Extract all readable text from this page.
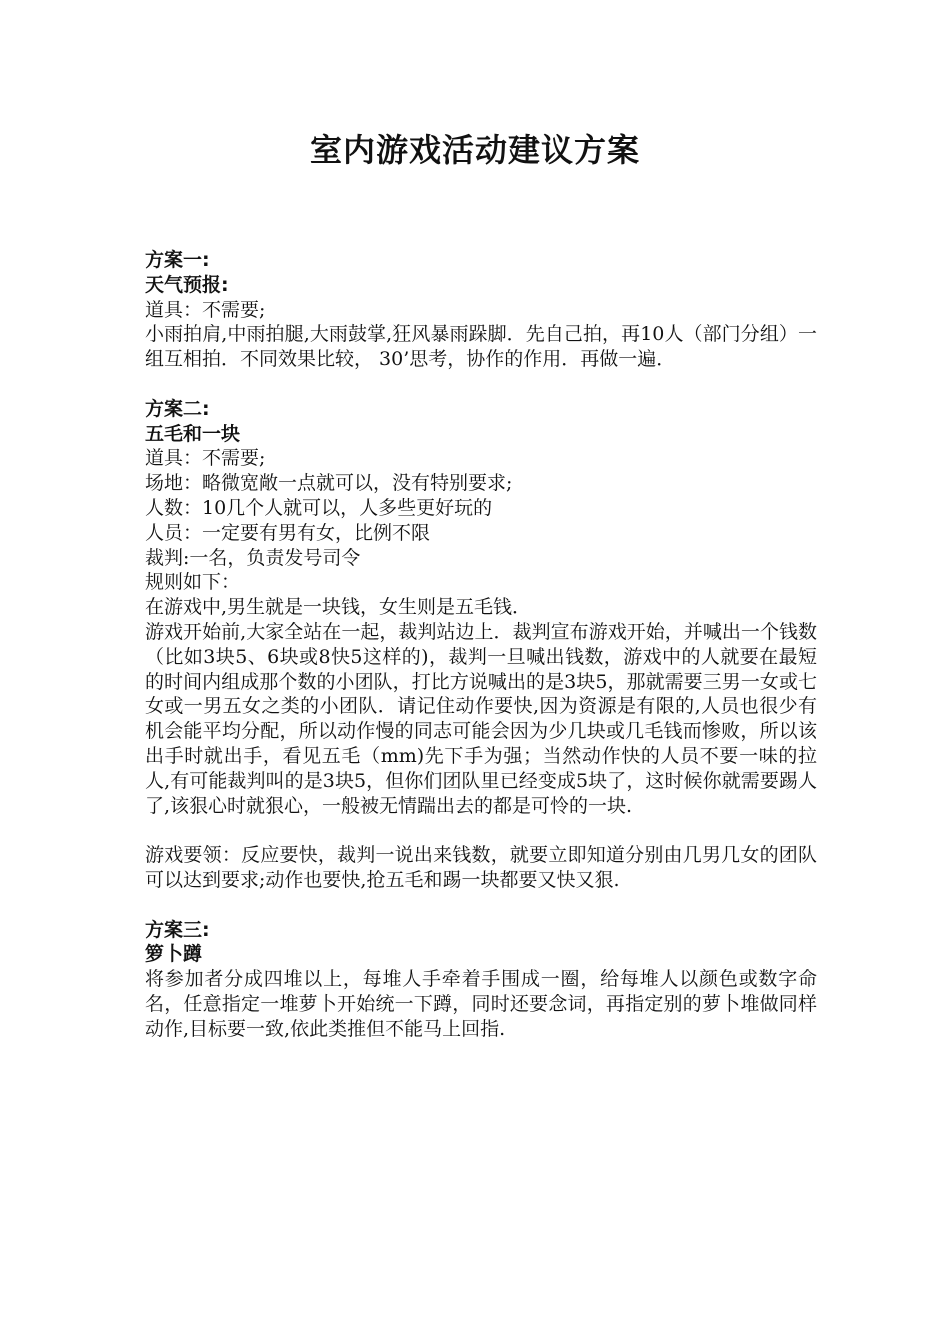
室内游戏活动建议方案
方案一:
天气预报:
道具：不需要;
小雨拍肩,中雨拍腿,大雨鼓掌,狂风暴雨跺脚．先自己拍，再10人（部门分组）一组互相拍．不同效果比较， 30’思考，协作的作用．再做一遍．
方案二:
五毛和一块
道具：不需要;
场地：略微宽敞一点就可以，没有特别要求;
人数：10几个人就可以，人多些更好玩的
人员：一定要有男有女，比例不限
裁判:一名，负责发号司令
规则如下：
在游戏中,男生就是一块钱，女生则是五毛钱．
游戏开始前,大家全站在一起，裁判站边上．裁判宣布游戏开始，并喊出一个钱数（比如3块5、6块或8快5这样的)，裁判一旦喊出钱数，游戏中的人就要在最短的时间内组成那个数的小团队，打比方说喊出的是3块5，那就需要三男一女或七女或一男五女之类的小团队．请记住动作要快,因为资源是有限的,人员也很少有机会能平均分配，所以动作慢的同志可能会因为少几块或几毛钱而惨败，所以该出手时就出手，看见五毛（mm)先下手为强；当然动作快的人员不要一味的拉人,有可能裁判叫的是3块5，但你们团队里已经变成5块了，这时候你就需要踢人了,该狠心时就狠心，一般被无情踹出去的都是可怜的一块.
游戏要领：反应要快，裁判一说出来钱数，就要立即知道分别由几男几女的团队可以达到要求;动作也要快,抢五毛和踢一块都要又快又狠.
方案三:
箩卜蹲
将参加者分成四堆以上，每堆人手牵着手围成一圈，给每堆人以颜色或数字命名，任意指定一堆萝卜开始统一下蹲，同时还要念词，再指定别的萝卜堆做同样动作,目标要一致,依此类推但不能马上回指.
